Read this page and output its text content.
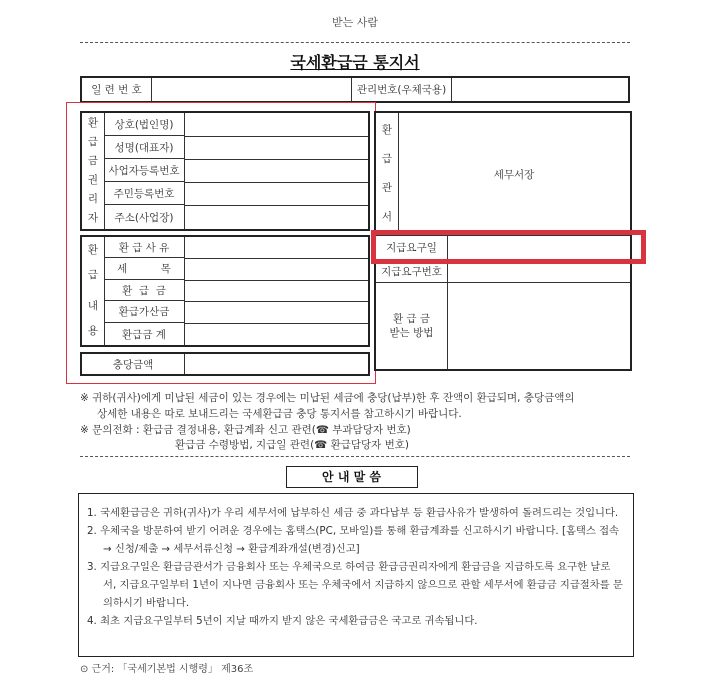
받는 사람
국세환급금 통지서
일 련 번 호	관리번호(우체국용)
환
급
금
권
리
자
상호(법인명)
성명(대표자)
사업자등록번호
주민등록번호
주소(사업장)
환
급
내
용
환 급 사 유
세          목
환  급  금
환급가산금
환급금 계
충당금액
환
급
관
서
세무서장
지급요구일
지급요구번호
환 급 금
받는 방법
※ 귀하(귀사)에게 미납된 세금이 있는 경우에는 미납된 세금에 충당(납부)한 후 잔액이 환급되며, 충당금액의
상세한 내용은 따로 보내드리는 국세환급금 충당 통지서를 참고하시기 바랍니다.
※ 문의전화 : 환급금 결정내용, 환급계좌 신고 관련(☎ 부과담당자 번호)
환급금 수령방법, 지급일 관련(☎ 환급담당자 번호)
안 내 말 씀
1. 국세환급금은 귀하(귀사)가 우리 세무서에 납부하신 세금 중 과다납부 등 환급사유가 발생하여 돌려드리는 것입니다.
2. 우체국을 방문하여 받기 어려운 경우에는 홈택스(PC, 모바일)를 통해 환급계좌를 신고하시기 바랍니다. [홈택스 접속 → 신청/제출 → 세무서류신청 → 환급계좌개설(변경)신고]
3. 지급요구일은 환급금관서가 금융회사 또는 우체국으로 하여금 환급금권리자에게 환급금을 지급하도록 요구한 날로서, 지급요구일부터 1년이 지나면 금융회사 또는 우체국에서 지급하지 않으므로 관할 세무서에 환급금 지급절차를 문의하시기 바랍니다.
4. 최초 지급요구일부터 5년이 지날 때까지 받지 않은 국세환급금은 국고로 귀속됩니다.
⊙ 근거: 「국세기본법 시행령」 제36조
